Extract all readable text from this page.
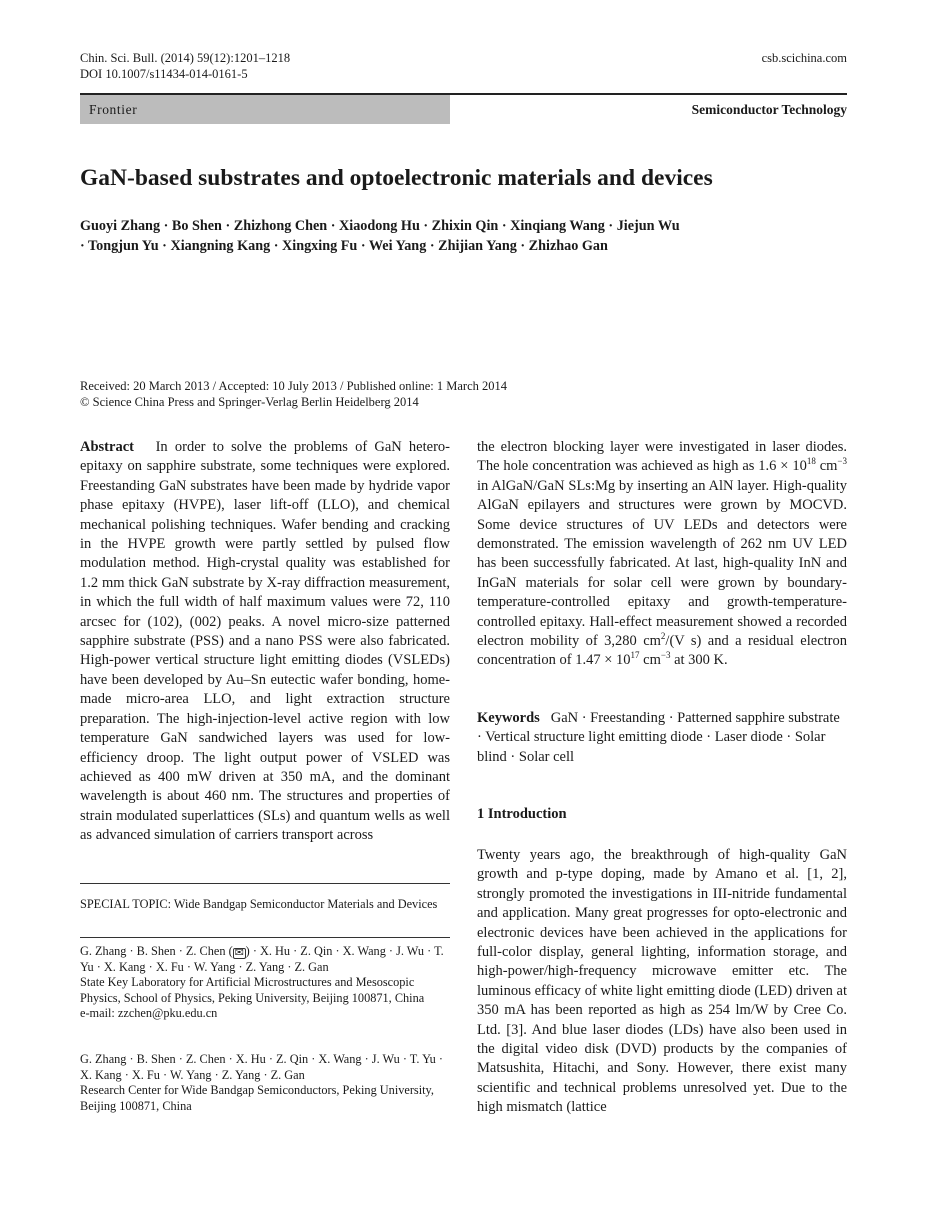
Chin. Sci. Bull. (2014) 59(12):1201–1218
DOI 10.1007/s11434-014-0161-5
csb.scichina.com
Frontier	Semiconductor Technology
GaN-based substrates and optoelectronic materials and devices
Guoyi Zhang · Bo Shen · Zhizhong Chen · Xiaodong Hu · Zhixin Qin · Xinqiang Wang · Jiejun Wu · Tongjun Yu · Xiangning Kang · Xingxing Fu · Wei Yang · Zhijian Yang · Zhizhao Gan
Received: 20 March 2013 / Accepted: 10 July 2013 / Published online: 1 March 2014
© Science China Press and Springer-Verlag Berlin Heidelberg 2014
Abstract In order to solve the problems of GaN hetero-epitaxy on sapphire substrate, some techniques were explored. Freestanding GaN substrates have been made by hydride vapor phase epitaxy (HVPE), laser lift-off (LLO), and chemical mechanical polishing techniques. Wafer bending and cracking in the HVPE growth were partly settled by pulsed flow modulation method. High-crystal quality was established for 1.2 mm thick GaN substrate by X-ray diffraction measurement, in which the full width of half maximum values were 72, 110 arcsec for (102), (002) peaks. A novel micro-size patterned sapphire substrate (PSS) and a nano PSS were also fabricated. High-power vertical structure light emitting diodes (VSLEDs) have been developed by Au–Sn eutectic wafer bonding, home-made micro-area LLO, and light extraction structure preparation. The high-injection-level active region with low temperature GaN sandwiched layers was used for low-efficiency droop. The light output power of VSLED was achieved as 400 mW driven at 350 mA, and the dominant wavelength is about 460 nm. The structures and properties of strain modulated superlattices (SLs) and quantum wells as well as advanced simulation of carriers transport across
the electron blocking layer were investigated in laser diodes. The hole concentration was achieved as high as $1.6 \times 10^{18}$ $cm^{-3}$ in AlGaN/GaN SLs:Mg by inserting an AlN layer. High-quality AlGaN epilayers and structures were grown by MOCVD. Some device structures of UV LEDs and detectors were demonstrated. The emission wavelength of 262 nm UV LED has been successfully fabricated. At last, high-quality InN and InGaN materials for solar cell were grown by boundary-temperature-controlled epitaxy and growth-temperature-controlled epitaxy. Hall-effect measurement showed a recorded electron mobility of 3,280 $cm^2/(V$ s) and a residual electron concentration of $1.47 \times 10^{17}$ $cm^{-3}$ at 300 K.
Keywords GaN · Freestanding · Patterned sapphire substrate · Vertical structure light emitting diode · Laser diode · Solar blind · Solar cell
1 Introduction
Twenty years ago, the breakthrough of high-quality GaN growth and p-type doping, made by Amano et al. [1, 2], strongly promoted the investigations in III-nitride fundamental and application. Many great progresses for opto-electronic and electronic devices have been achieved in the applications for full-color display, general lighting, information storage, and high-power/high-frequency microwave emitter etc. The luminous efficacy of white light emitting diode (LED) driven at 350 mA has been reported as high as 254 lm/W by Cree Co. Ltd. [3]. And blue laser diodes (LDs) have also been used in the digital video disk (DVD) products by the companies of Matsushita, Hitachi, and Sony. However, there exist many scientific and technical problems unresolved yet. Due to the high mismatch (lattice
SPECIAL TOPIC: Wide Bandgap Semiconductor Materials and Devices
G. Zhang · B. Shen · Z. Chen ( ✉ ) · X. Hu · Z. Qin · X. Wang · J. Wu · T. Yu · X. Kang · X. Fu · W. Yang · Z. Yang · Z. Gan
State Key Laboratory for Artificial Microstructures and Mesoscopic Physics, School of Physics, Peking University, Beijing 100871, China
e-mail: zzchen@pku.edu.cn
G. Zhang · B. Shen · Z. Chen · X. Hu · Z. Qin · X. Wang · J. Wu · T. Yu · X. Kang · X. Fu · W. Yang · Z. Yang · Z. Gan
Research Center for Wide Bandgap Semiconductors, Peking University, Beijing 100871, China
